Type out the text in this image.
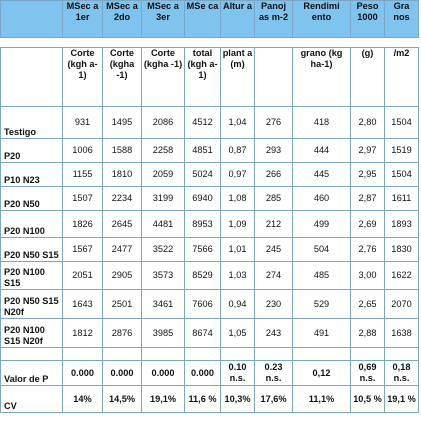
	MSec a 1er	MSec a 2do	MSec a 3er	MSe ca	Altur a	Panoj as m-2	Rendimi ento	Peso 1000	Gra nos

	Corte (kgh a-1)	Corte (kgha -1)	Corte (kgha -1)	total (kgh a-1)	plant a (m)		grano (kg ha-1)	(g)	/m2
Testigo	931	1495	2086	4512	1,04	276	418	2,80	1504
P20	1006	1588	2258	4851	0,87	293	444	2,97	1519
P10 N23	1155	1810	2059	5024	0,97	266	445	2,95	1504
P20 N50	1507	2234	3199	6940	1,08	285	460	2,87	1611
P20 N100	1826	2645	4481	8953	1,09	212	499	2,69	1893
P20 N50 S15	1567	2477	3522	7566	1,01	245	504	2,76	1830
P20 N100 S15	2051	2905	3573	8529	1,03	274	485	3,00	1622
P20 N50 S15 N20f	1643	2501	3461	7606	0,94	230	529	2,65	2070
P20 N100 S15 N20f	1812	2876	3985	8674	1,05	243	491	2,88	1638

Valor de P	0.000	0.000	0.000	0.000	0.10 n.s.	0.23 n.s.	0,12	0,69 n.s.	0,18 n.s.
CV	14%	14,5%	19,1%	11,6 %	10,3%	17,6%	11,1%	10,5 %	19,1 %
